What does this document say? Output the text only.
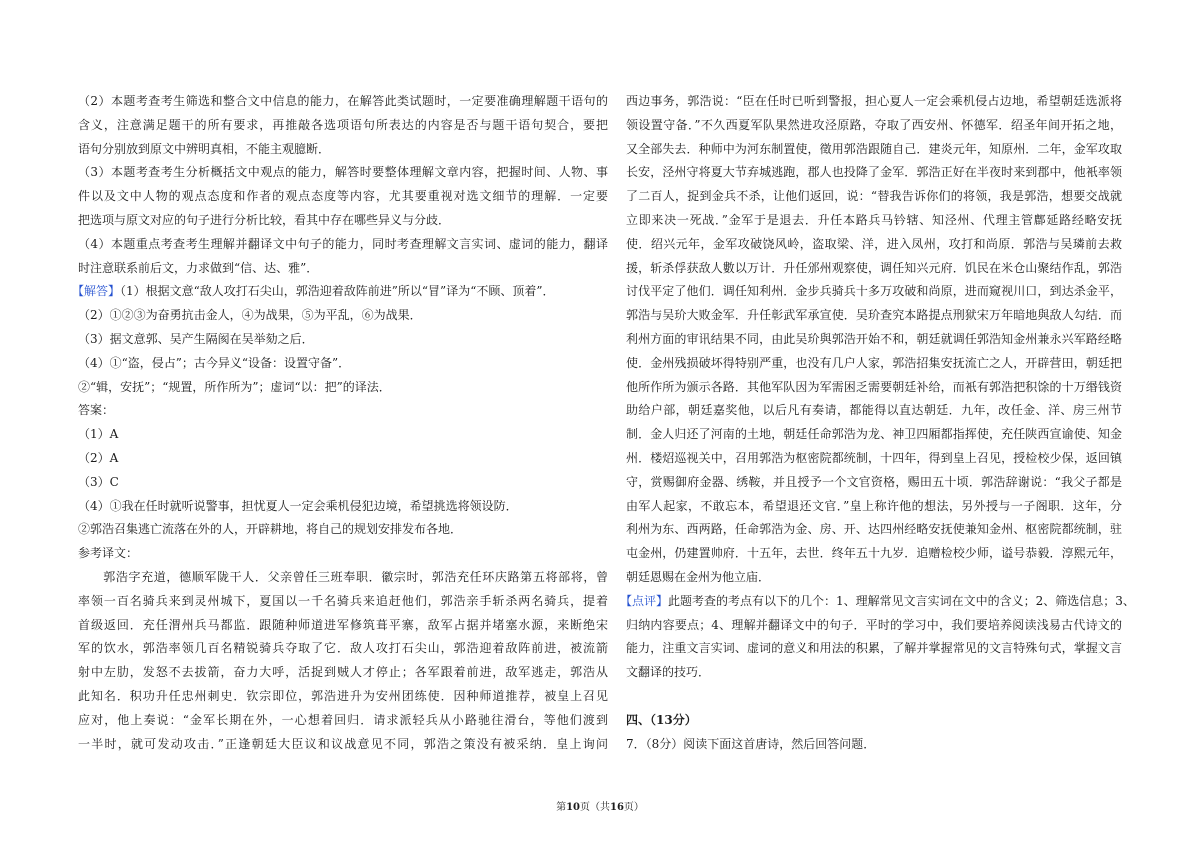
（2）本题考查考生筛选和整合文中信息的能力，在解答此类试题时，一定要准确理解题干语句的
含义，注意满足题干的所有要求，再推敲各选项语句所表达的内容是否与题干语句契合，要把
语句分别放到原文中辨明真相，不能主观臆断．
（3）本题考查考生分析概括文中观点的能力，解答时要整体理解文章内容，把握时间、人物、事
件以及文中人物的观点态度和作者的观点态度等内容，尤其要重视对选文细节的理解．一定要
把选项与原文对应的句子进行分析比较，看其中存在哪些异义与分歧．
（4）本题重点考查考生理解并翻译文中句子的能力，同时考查理解文言实词、虚词的能力，翻译
时注意联系前后文，力求做到“信、达、雅”．
【解答】（1）根据文意“敌人攻打石尖山，郭浩迎着敌阵前进”所以“冒”译为“不顾、顶着”．
（2）①②③为奋勇抗击金人，④为战果，⑤为平乱，⑥为战果．
（3）据文意郭、吴产生隔阂在吴举劾之后．
（4）①“盗，侵占”；古今异义“设备：设置守备”．
②“辑，安抚”；“规置，所作所为”；虚词“以：把”的译法．
答案：
（1）A
（2）A
（3）C
（4）①我在任时就听说警事，担忧夏人一定会乘机侵犯边境，希望挑选将领设防．
②郭浩召集逃亡流落在外的人，开辟耕地，将自己的规划安排发布各地．
参考译文：
　　郭浩字充道，德顺军陇干人．父亲曾任三班奉职．徽宗时，郭浩充任环庆路第五将部将，曾
率领一百名骑兵来到灵州城下，夏国以一千名骑兵来追赶他们，郭浩亲手斩杀两名骑兵，提着
首级返回．充任渭州兵马都监．跟随种师道进军修筑葺平寨，敌军占据并堵塞水源，来断绝宋
军的饮水，郭浩率领几百名精锐骑兵夺取了它．敌人攻打石尖山，郭浩迎着敌阵前进，被流箭
射中左肋，发怒不去拔箭，奋力大呼，活捉到贼人才停止；各军跟着前进，敌军逃走，郭浩从
此知名．积功升任忠州刺史．钦宗即位，郭浩进升为安州团练使．因种师道推荐，被皇上召见
应对，他上奏说：“金军长期在外，一心想着回归．请求派轻兵从小路驰往滑台，等他们渡到
一半时，就可发动攻击．”正逢朝廷大臣议和议战意见不同，郭浩之策没有被采纳．皇上询问
西边事务，郭浩说：“臣在任时已听到警报，担心夏人一定会乘机侵占边地，希望朝廷选派将
领设置守备．”不久西夏军队果然进攻泾原路，夺取了西安州、怀德军．绍圣年间开拓之地，
又全部失去．种师中为河东制置使，徵用郭浩跟随自己．建炎元年，知原州．二年，金军攻取
长安，泾州守将夏大节弃城逃跑，郡人也投降了金军．郭浩正好在半夜时来到郡中，他衹率领
了二百人，捉到金兵不杀，让他们返回，说：“替我告诉你们的将领，我是郭浩，想要交战就
立即来决一死战．”金军于是退去．升任本路兵马钤辖、知泾州、代理主管鄜延路经略安抚
使．绍兴元年，金军攻破饶风岭，盗取梁、洋，进入凤州，攻打和尚原．郭浩与吴璘前去救
援，斩杀俘获敌人數以万计．升任邠州观察使，调任知兴元府．饥民在米仓山聚结作乱，郭浩
讨伐平定了他们．调任知利州．金步兵骑兵十多万攻破和尚原，进而窥视川口，到达杀金平，
郭浩与吴玠大败金军．升任彰武军承宣使．吴玠查究本路提点刑狱宋万年暗地與敌人勾结．而
利州方面的审讯结果不同，由此吴玠與郭浩开始不和，朝廷就调任郭浩知金州兼永兴军路经略
使．金州残损破坏得特别严重，也没有几户人家，郭浩招集安抚流亡之人，开辟营田，朝廷把
他所作所为颁示各路．其他军队因为军需困乏需要朝廷补给，而衹有郭浩把积馀的十万缗钱资
助给户部，朝廷嘉奖他，以后凡有奏请，都能得以直达朝廷．九年，改任金、洋、房三州节
制．金人归还了河南的土地，朝廷任命郭浩为龙、神卫四厢都指挥使，充任陕西宣谕使、知金
州．楼炤巡视关中，召用郭浩为枢密院都统制，十四年，得到皇上召见，授检校少保，返回镇
守，赏赐御府金器、绣鞍，并且授予一个文官资格，赐田五十顷．郭浩辞谢说：“我父子都是
由军人起家，不敢忘本，希望退还文官．”皇上称许他的想法，另外授与一子阁职．这年，分
利州为东、西两路，任命郭浩为金、房、开、达四州经略安抚使兼知金州、枢密院都统制，驻
屯金州，仍建置帅府．十五年，去世．终年五十九岁．追赠检校少师，谥号恭毅．淳熙元年，
朝廷恩赐在金州为他立庙．
【点评】此题考查的考点有以下的几个：1、理解常见文言实词在文中的含义；2、筛选信息；3、
归纳内容要点；4、理解并翻译文中的句子．平时的学习中，我们要培养阅读浅易古代诗文的
能力，注重文言实词、虚词的意义和用法的积累，了解并掌握常见的文言特殊句式，掌握文言
文翻译的技巧．
四、（13分）
7．（8分）阅读下面这首唐诗，然后回答问题．
第10页（共16页）
